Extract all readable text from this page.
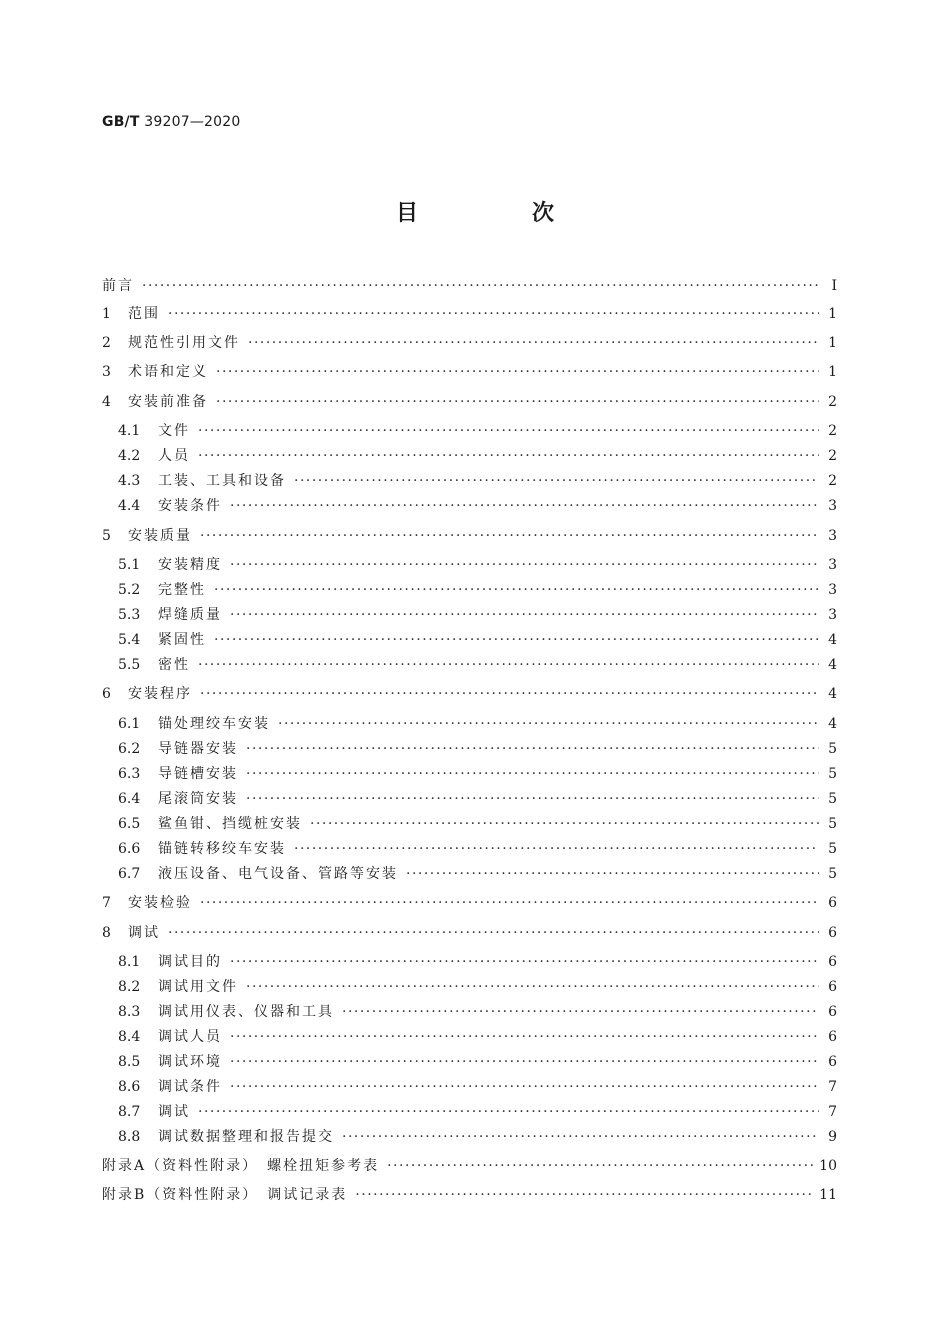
GB/T 39207—2020
目　次
前言 ·····	I
1	范围 ·····	1
2	规范性引用文件 ·····	1
3	术语和定义 ·····	1
4	安装前准备 ·····	2
4.1	文件 ·····	2
4.2	人员 ·····	2
4.3	工装、工具和设备 ·····	2
4.4	安装条件 ·····	3
5	安装质量 ·····	3
5.1	安装精度 ·····	3
5.2	完整性 ·····	3
5.3	焊缝质量 ·····	3
5.4	紧固性 ·····	4
5.5	密性 ·····	4
6	安装程序 ·····	4
6.1	锚处理绞车安装 ·····	4
6.2	导链器安装 ·····	5
6.3	导链槽安装 ·····	5
6.4	尾滚筒安装 ·····	5
6.5	鲨鱼钳、挡缆桩安装 ·····	5
6.6	锚链转移绞车安装 ·····	5
6.7	液压设备、电气设备、管路等安装 ·····	5
7	安装检验 ·····	6
8	调试 ·····	6
8.1	调试目的 ·····	6
8.2	调试用文件 ·····	6
8.3	调试用仪表、仪器和工具 ·····	6
8.4	调试人员 ·····	6
8.5	调试环境 ·····	6
8.6	调试条件 ·····	7
8.7	调试 ·····	7
8.8	调试数据整理和报告提交 ·····	9
附录A（资料性附录）　螺栓扭矩参考表 ·····	10
附录B（资料性附录）　调试记录表 ·····	11
